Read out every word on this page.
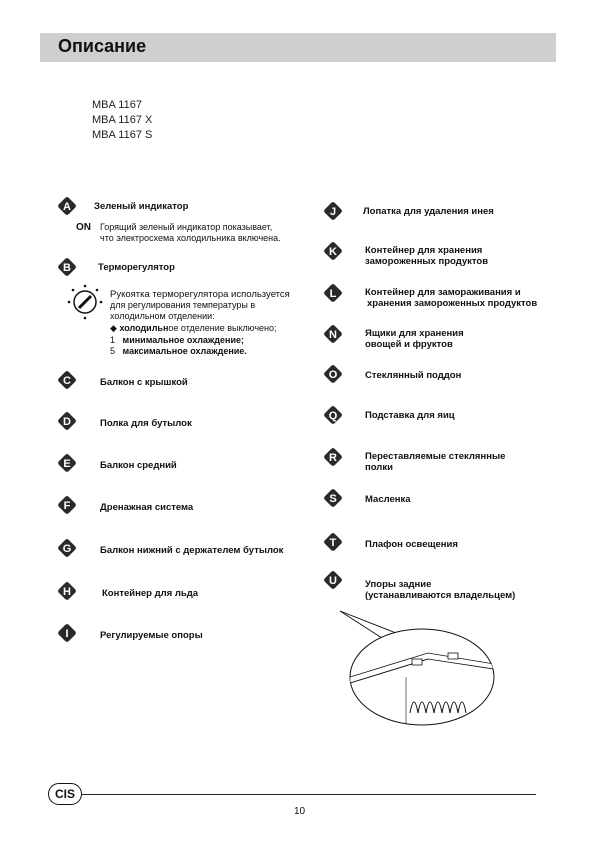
Описание
MBA 1167
MBA 1167 X
MBA 1167 S
A Зеленый индикатор
ON Горящий зеленый индикатор показывает,
что электросхема холодильника включена.
B	Терморегулятор
Рукоятка терморегулятора используется
для регулирования температуры в
холодильном отделении:
◆ холодильное отделение выключено;
1 минимальное охлаждение;
5 максимальное охлаждение.
C	Балкон с крышкой
D	Полка для бутылок
E	Балкон средний
F	Дренажная система
G	Балкон нижний с держателем бутылок
H	Контейнер для льда
I	Регулируемые опоры
J	Лопатка для удаления инея
K	Контейнер для хранения
замороженных продуктов
L	Контейнер для замораживания и
хранения замороженных продуктов
N	Ящики для хранения
овощей и фруктов
O	Стеклянный поддон
Q	Подставка для яиц
R	Переставляемые стеклянные
полки
S	Масленка
T	Плафон освещения
U	Упоры задние
(устанавливаются владельцем)
CIS
10
